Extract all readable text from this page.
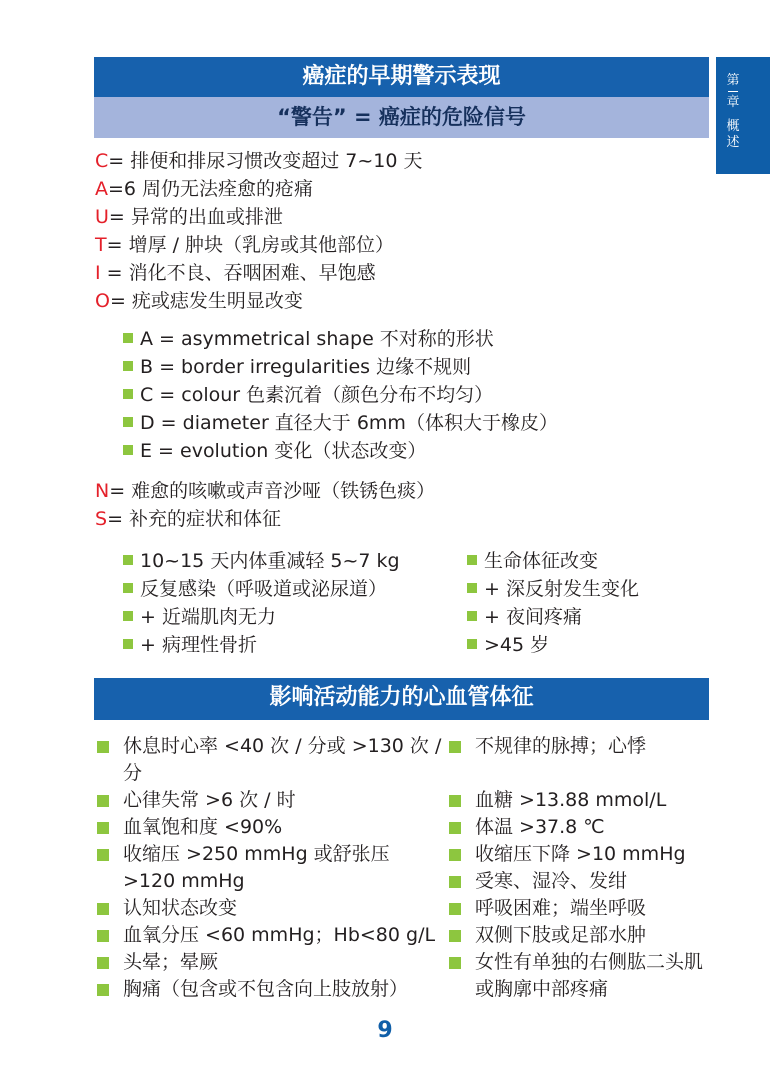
第
章
概
述
癌症的早期警示表现
“警告” = 癌症的危险信号
C= 排便和排尿习惯改变超过 7~10 天
A=6 周仍无法痊愈的疮痛
U= 异常的出血或排泄
T= 增厚 / 肿块（乳房或其他部位）
I = 消化不良、吞咽困难、早饱感
O= 疣或痣发生明显改变
A = asymmetrical shape 不对称的形状
B = border irregularities 边缘不规则
C = colour 色素沉着（颜色分布不均匀）
D = diameter 直径大于 6mm（体积大于橡皮）
E = evolution 变化（状态改变）
N= 难愈的咳嗽或声音沙哑（铁锈色痰）
S= 补充的症状和体征
10~15 天内体重减轻 5~7 kg
反复感染（呼吸道或泌尿道）
+ 近端肌肉无力
+ 病理性骨折
生命体征改变
+ 深反射发生变化
+ 夜间疼痛
>45 岁
影响活动能力的心血管体征
休息时心率 <40 次 / 分或 >130 次 / 分
心律失常 >6 次 / 时
血氧饱和度 <90%
收缩压 >250 mmHg 或舒张压 >120 mmHg
认知状态改变
血氧分压 <60 mmHg；Hb<80 g/L
头晕；晕厥
胸痛（包含或不包含向上肢放射）
不规律的脉搏；心悸
血糖 >13.88 mmol/L
体温 >37.8 ℃
收缩压下降 >10 mmHg
受寒、湿冷、发绀
呼吸困难；端坐呼吸
双侧下肢或足部水肿
女性有单独的右侧肱二头肌或胸廓中部疼痛
9
